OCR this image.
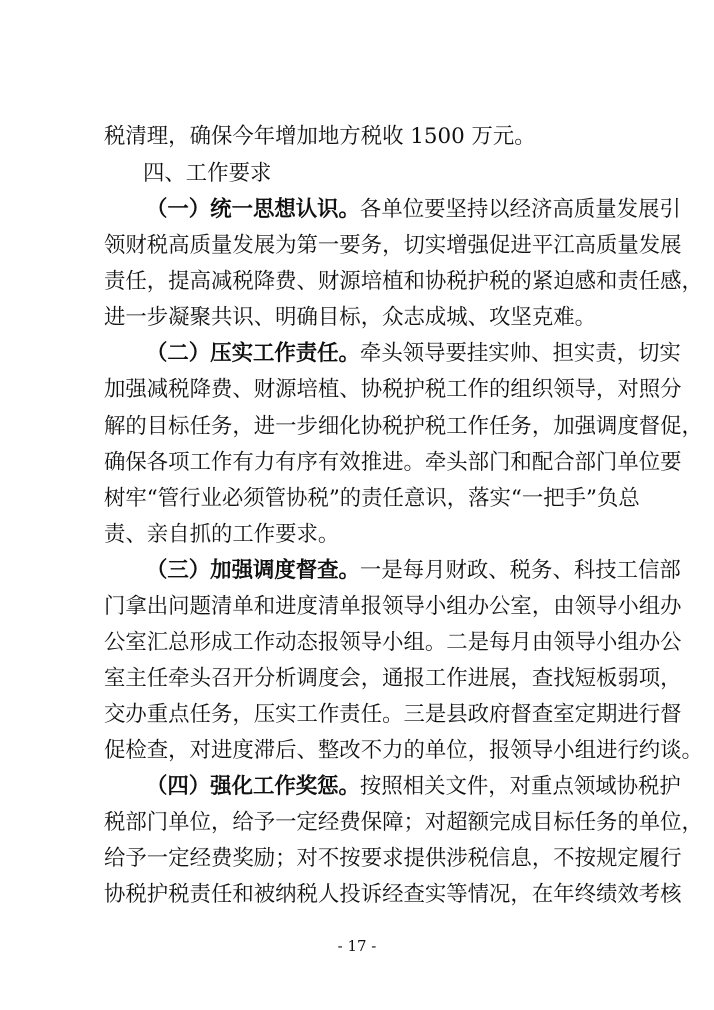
税清理，确保今年增加地方税收 1500 万元。
四、工作要求
（一）统一思想认识。各单位要坚持以经济高质量发展引
领财税高质量发展为第一要务，切实增强促进平江高质量发展
责任，提高减税降费、财源培植和协税护税的紧迫感和责任感，
进一步凝聚共识、明确目标，众志成城、攻坚克难。
（二）压实工作责任。牵头领导要挂实帅、担实责，切实
加强减税降费、财源培植、协税护税工作的组织领导，对照分
解的目标任务，进一步细化协税护税工作任务，加强调度督促，
确保各项工作有力有序有效推进。牵头部门和配合部门单位要
树牢“管行业必须管协税”的责任意识，落实“一把手”负总
责、亲自抓的工作要求。
（三）加强调度督查。一是每月财政、税务、科技工信部
门拿出问题清单和进度清单报领导小组办公室，由领导小组办
公室汇总形成工作动态报领导小组。二是每月由领导小组办公
室主任牵头召开分析调度会，通报工作进展，查找短板弱项，
交办重点任务，压实工作责任。三是县政府督查室定期进行督
促检查，对进度滞后、整改不力的单位，报领导小组进行约谈。
（四）强化工作奖惩。按照相关文件，对重点领域协税护
税部门单位，给予一定经费保障；对超额完成目标任务的单位，
给予一定经费奖励；对不按要求提供涉税信息，不按规定履行
协税护税责任和被纳税人投诉经查实等情况，在年终绩效考核
- 17 -
